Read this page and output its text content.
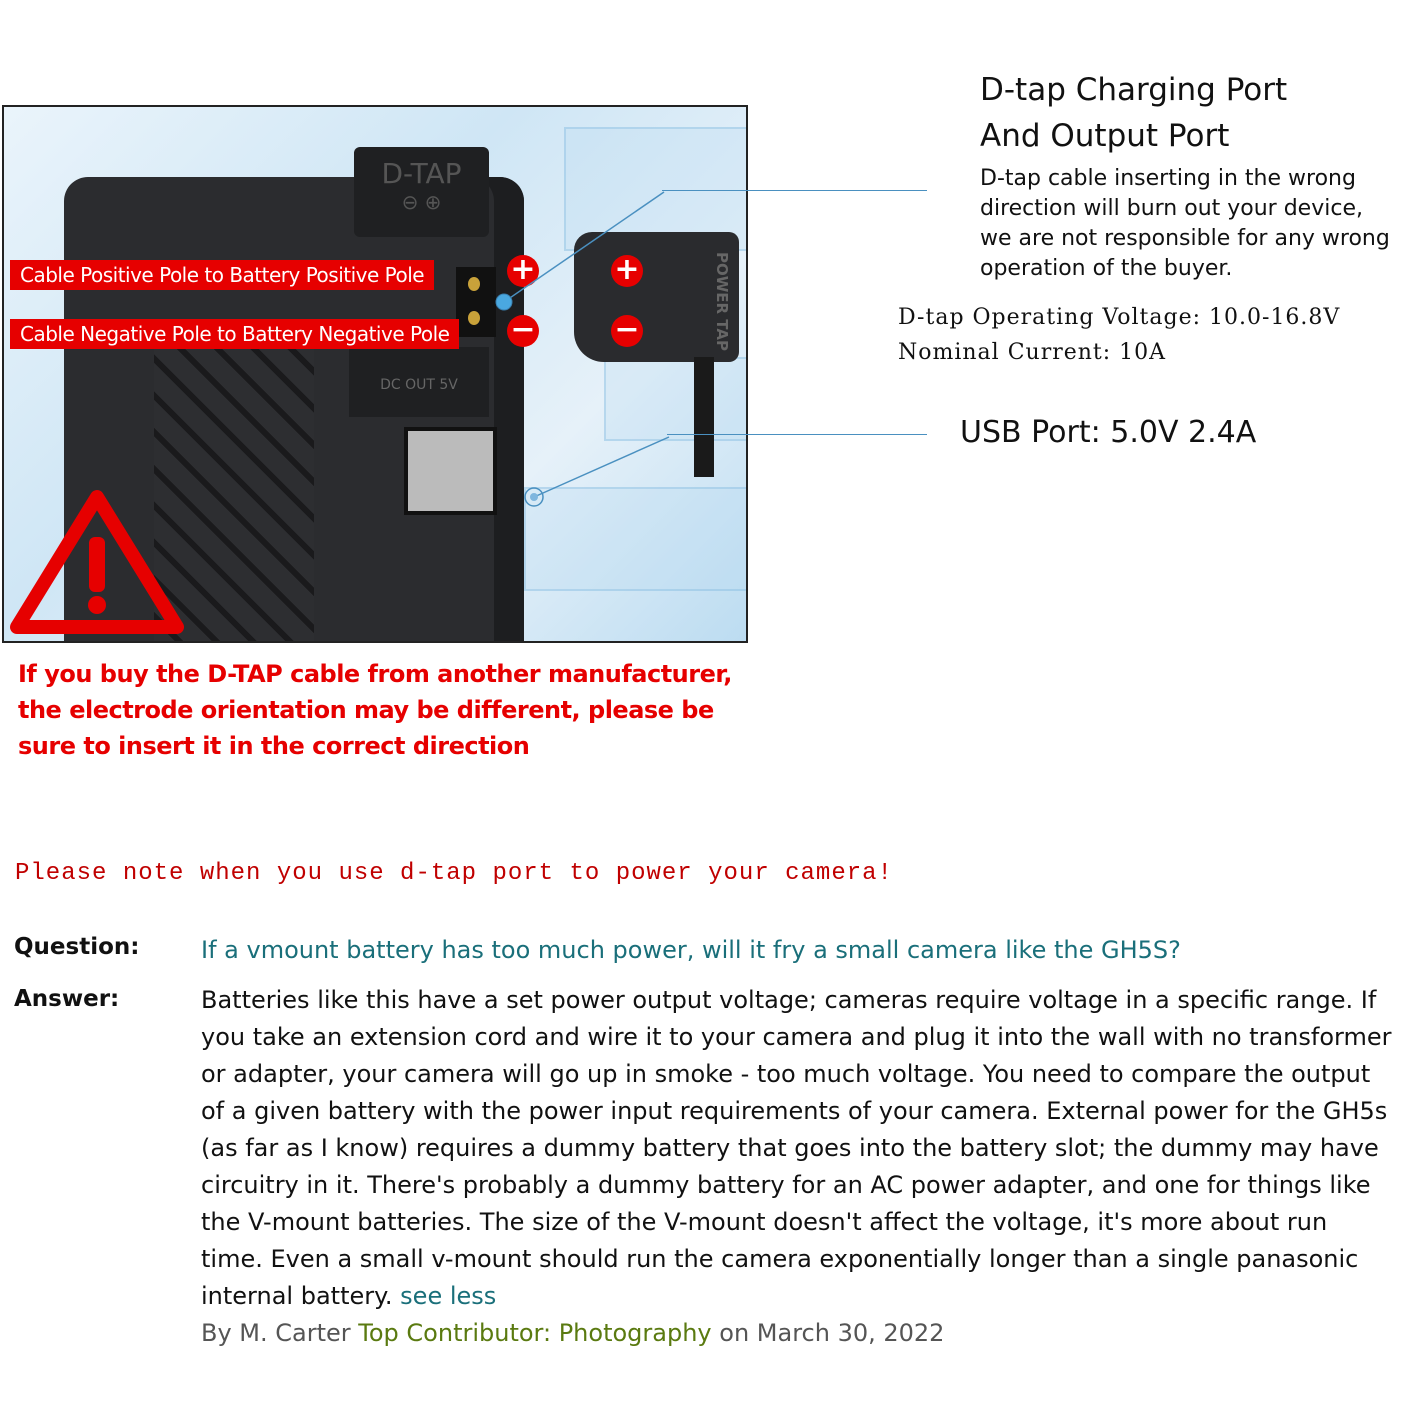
D-TAP
⊖ ⊕
DC OUT 5V
Cable Positive Pole to Battery Positive Pole
Cable Negative Pole to Battery Negative Pole
+
−	POWER TAP
+
−
D-tap Charging Port
And Output Port
D-tap cable inserting in the wrong
direction will burn out your device,
we are not responsible for any wrong
operation of the buyer.
D-tap Operating Voltage: 10.0-16.8V
Nominal Current: 10A
USB Port: 5.0V 2.4A
If you buy the D-TAP cable from another manufacturer,
the electrode orientation may be different, please be
sure to insert it in the correct direction
Please note when you use d-tap port to power your camera!
Question:	If a vmount battery has too much power, will it fry a small camera like the GH5S?
Answer:	Batteries like this have a set power output voltage; cameras require voltage in a specific range. If
you take an extension cord and wire it to your camera and plug it into the wall with no transformer
or adapter, your camera will go up in smoke - too much voltage. You need to compare the output
of a given battery with the power input requirements of your camera. External power for the GH5s
(as far as I know) requires a dummy battery that goes into the battery slot; the dummy may have
circuitry in it. There's probably a dummy battery for an AC power adapter, and one for things like
the V-mount batteries. The size of the V-mount doesn't affect the voltage, it's more about run
time. Even a small v-mount should run the camera exponentially longer than a single panasonic
internal battery. see less
By M. Carter Top Contributor: Photography on March 30, 2022
